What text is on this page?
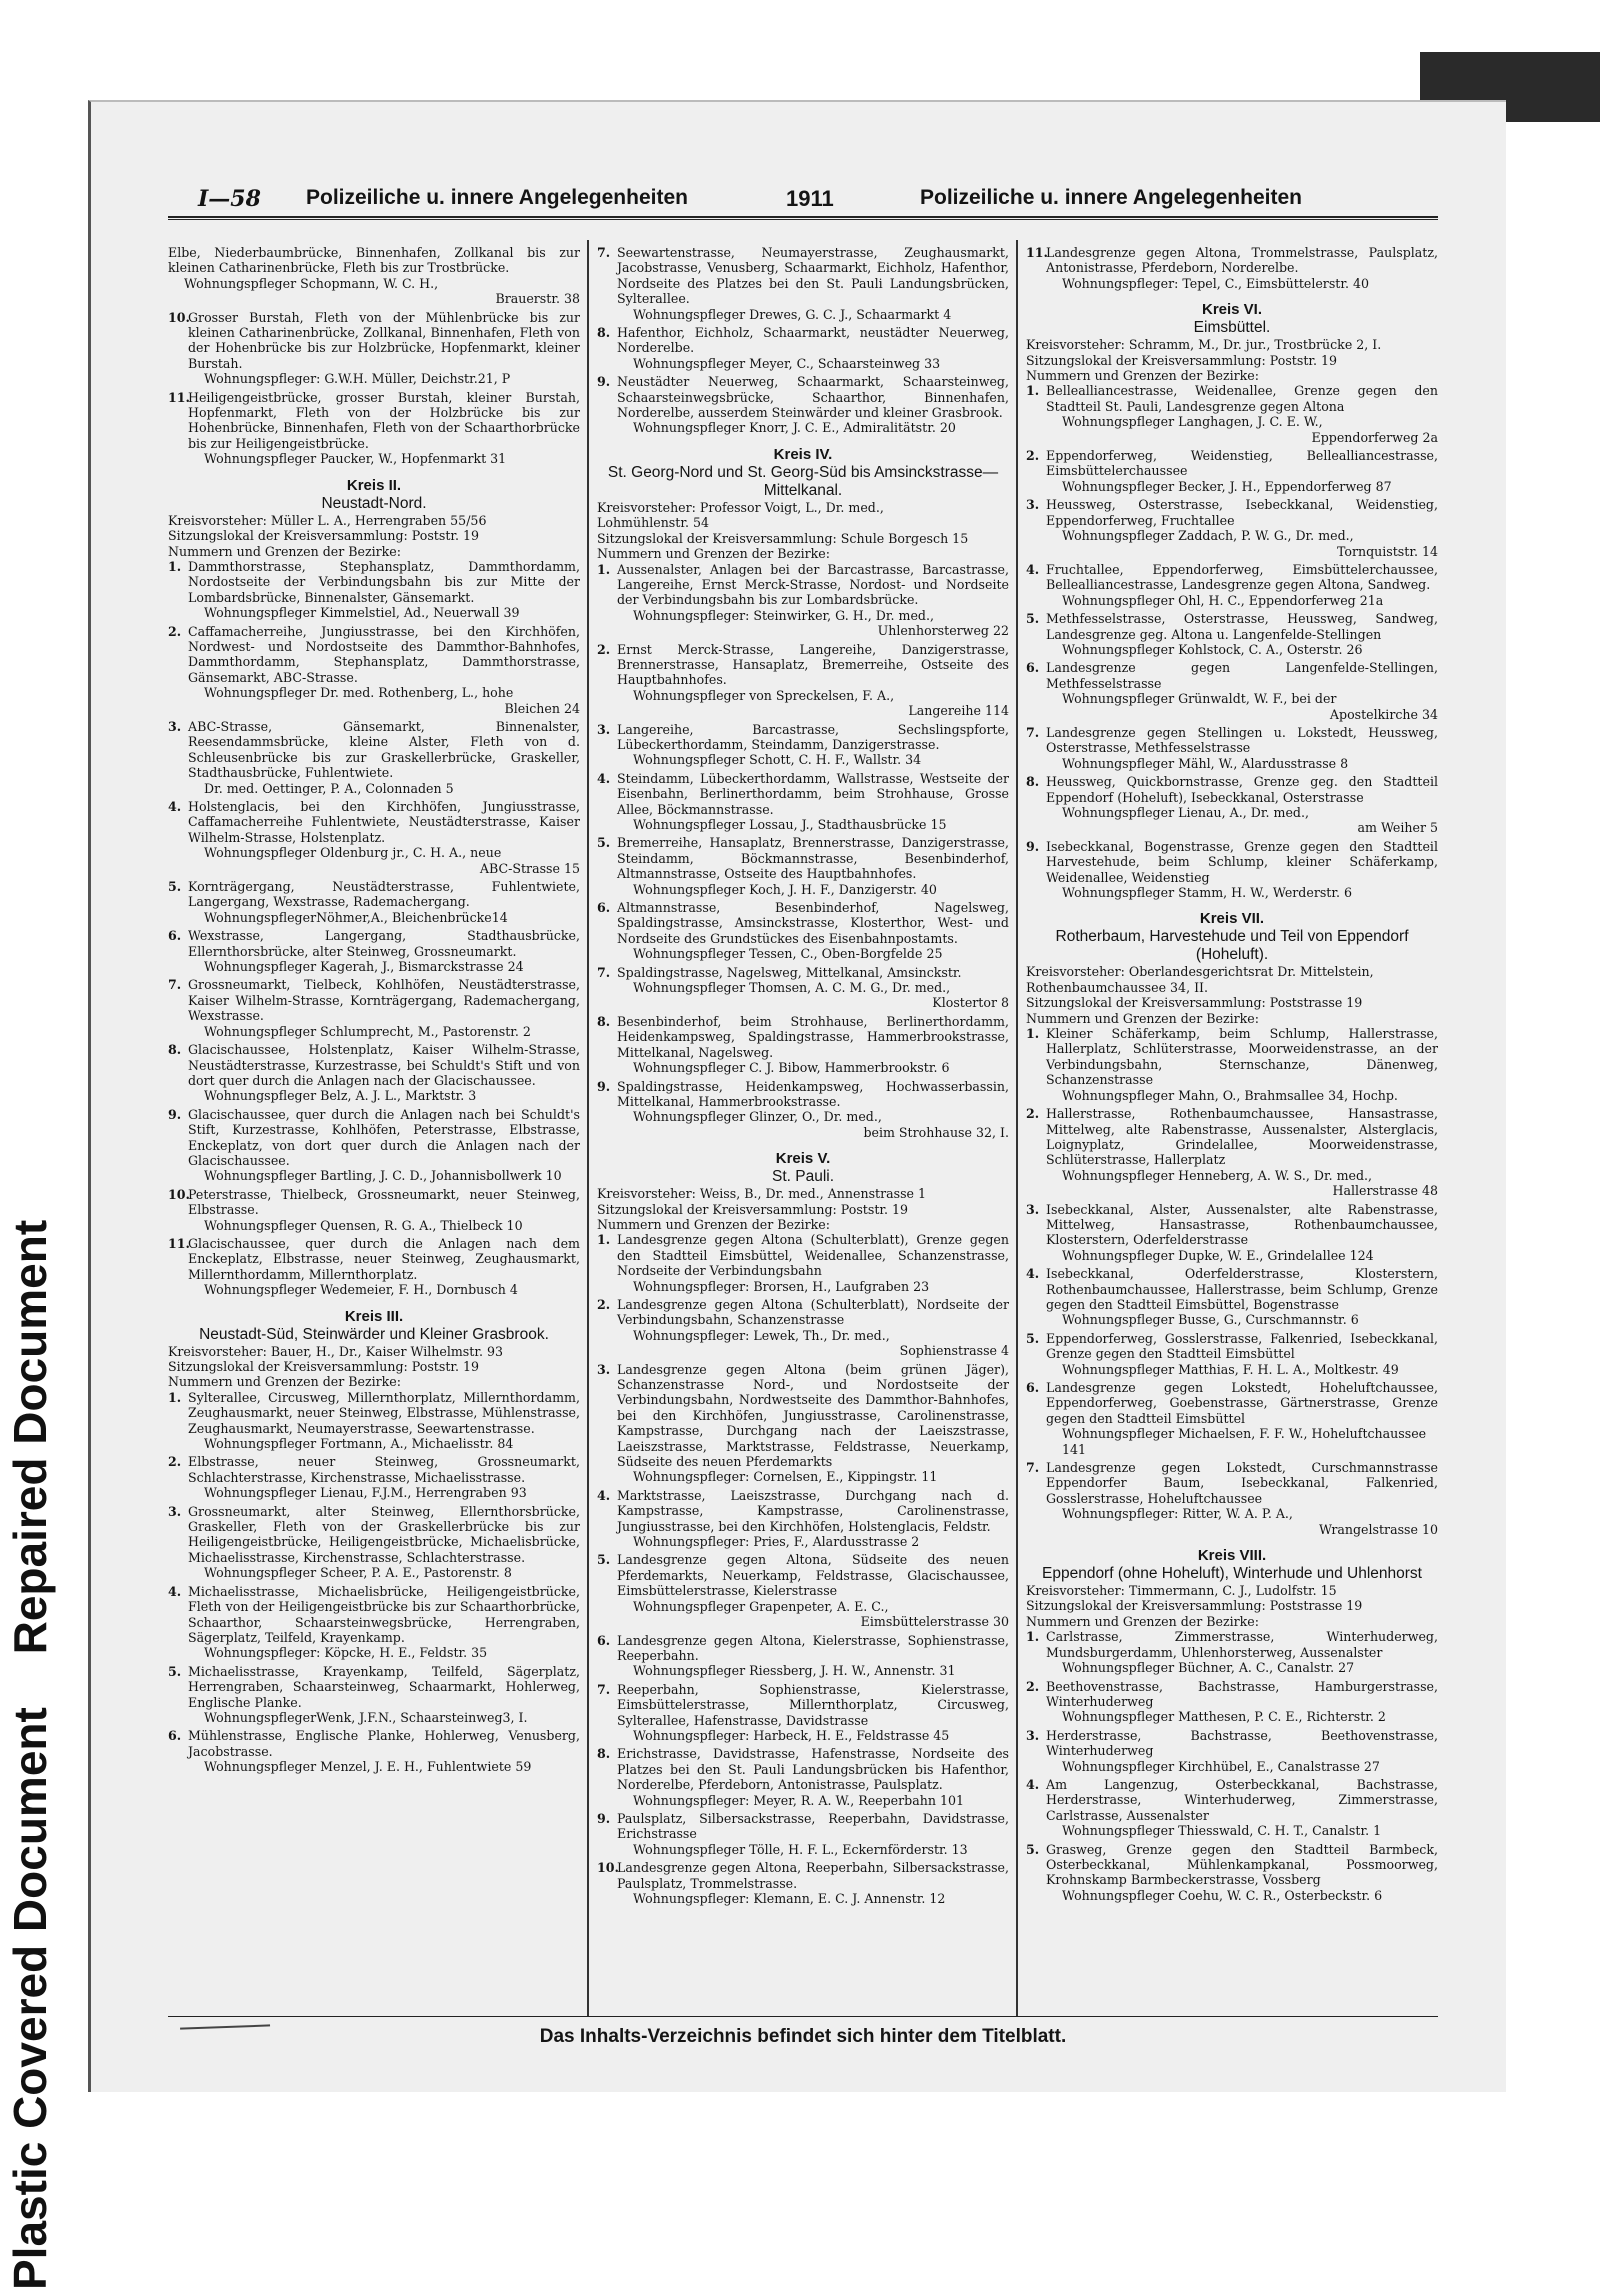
Plastic Covered Document Repaired Document
I—58 Polizeiliche u. innere Angelegenheiten	1911	Polizeiliche u. innere Angelegenheiten
Elbe, Niederbaumbrücke, Binnenhafen, Zollkanal bis zur kleinen Catharinenbrücke, Fleth bis zur Trostbrücke.
Wohnungspfleger Schopmann, W. C. H.,
Brauerstr. 38
10.
Grosser Burstah, Fleth von der Mühlenbrücke bis zur kleinen Catharinenbrücke, Zollkanal, Binnenhafen, Fleth von der Hohenbrücke bis zur Holzbrücke, Hopfenmarkt, kleiner Burstah.
Wohnungspfleger: G.W.H. Müller, Deichstr.21, P
11.
Heiligengeistbrücke, grosser Burstah, kleiner Burstah, Hopfenmarkt, Fleth von der Holzbrücke bis zur Hohenbrücke, Binnenhafen, Fleth von der Schaarthorbrücke bis zur Heiligengeistbrücke.
Wohnungspfleger Paucker, W., Hopfenmarkt 31
Kreis II.
Neustadt-Nord.
Kreisvorsteher: Müller L. A., Herrengraben 55/56
Sitzungslokal der Kreisversammlung: Poststr. 19
Nummern und Grenzen der Bezirke:
1. Dammthorstrasse, Stephansplatz, Dammthordamm, Nordostseite der Verbindungsbahn bis zur Mitte der Lombardsbrücke, Binnenalster, Gänsemarkt.
Wohnungspfleger Kimmelstiel, Ad., Neuerwall 39
2. Caffamacherreihe, Jungiusstrasse, bei den Kirchhöfen, Nordwest- und Nordostseite des Dammthor-Bahnhofes, Dammthordamm, Stephansplatz, Dammthorstrasse, Gänsemarkt, ABC-Strasse.
Wohnungspfleger Dr. med. Rothenberg, L., hohe
Bleichen 24
3. ABC-Strasse, Gänsemarkt, Binnenalster, Reesendammsbrücke, kleine Alster, Fleth von d. Schleusenbrücke bis zur Graskellerbrücke, Graskeller, Stadthausbrücke, Fuhlentwiete.
Dr. med. Oettinger, P. A., Colonnaden 5
4. Holstenglacis, bei den Kirchhöfen, Jungiusstrasse, Caffamacherreihe Fuhlentwiete, Neustädterstrasse, Kaiser Wilhelm-Strasse, Holstenplatz.
Wohnungspfleger Oldenburg jr., C. H. A., neue
ABC-Strasse 15
5. Kornträgergang, Neustädterstrasse, Fuhlentwiete, Langergang, Wexstrasse, Rademachergang.
WohnungspflegerNöhmer,A., Bleichenbrücke14
6. Wexstrasse, Langergang, Stadthausbrücke, Ellernthorsbrücke, alter Steinweg, Grossneumarkt.
Wohnungspfleger Kagerah, J., Bismarckstrasse 24
7. Grossneumarkt, Tielbeck, Kohlhöfen, Neustädterstrasse, Kaiser Wilhelm-Strasse, Kornträgergang, Rademachergang, Wexstrasse.
Wohnungspfleger Schlumprecht, M., Pastorenstr. 2
8. Glacischaussee, Holstenplatz, Kaiser Wilhelm-Strasse, Neustädterstrasse, Kurzestrasse, bei Schuldt's Stift und von dort quer durch die Anlagen nach der Glacischaussee.
Wohnungspfleger Belz, A. J. L., Marktstr. 3
9. Glacischaussee, quer durch die Anlagen nach bei Schuldt's Stift, Kurzestrasse, Kohlhöfen, Peterstrasse, Elbstrasse, Enckeplatz, von dort quer durch die Anlagen nach der Glacischaussee.
Wohnungspfleger Bartling, J. C. D., Johannisbollwerk 10
10.
Peterstrasse, Thielbeck, Grossneumarkt, neuer Steinweg, Elbstrasse.
Wohnungspfleger Quensen, R. G. A., Thielbeck 10
11.
Glacischaussee, quer durch die Anlagen nach dem Enckeplatz, Elbstrasse, neuer Steinweg, Zeughausmarkt, Millernthordamm, Millernthorplatz.
Wohnungspfleger Wedemeier, F. H., Dornbusch 4
Kreis III.
Neustadt-Süd, Steinwärder und Kleiner Grasbrook.
Kreisvorsteher: Bauer, H., Dr., Kaiser Wilhelmstr. 93
Sitzungslokal der Kreisversammlung: Poststr. 19
Nummern und Grenzen der Bezirke:
1. Sylterallee, Circusweg, Millernthorplatz, Millernthordamm, Zeughausmarkt, neuer Steinweg, Elbstrasse, Mühlenstrasse, Zeughausmarkt, Neumayerstrasse, Seewartenstrasse.
Wohnungspfleger Fortmann, A., Michaelisstr. 84
2. Elbstrasse, neuer Steinweg, Grossneumarkt, Schlachterstrasse, Kirchenstrasse, Michaelisstrasse.
Wohnungspfleger Lienau, F.J.M., Herrengraben 93
3. Grossneumarkt, alter Steinweg, Ellernthorsbrücke, Graskeller, Fleth von der Graskellerbrücke bis zur Heiligengeistbrücke, Heiligengeistbrücke, Michaelisbrücke, Michaelisstrasse, Kirchenstrasse, Schlachterstrasse.
Wohnungspfleger Scheer, P. A. E., Pastorenstr. 8
4. Michaelisstrasse, Michaelisbrücke, Heiligengeistbrücke, Fleth von der Heiligengeistbrücke bis zur Schaarthorbrücke, Schaarthor, Schaarsteinwegsbrücke, Herrengraben, Sägerplatz, Teilfeld, Krayenkamp.
Wohnungspfleger: Köpcke, H. E., Feldstr. 35
5. Michaelisstrasse, Krayenkamp, Teilfeld, Sägerplatz, Herrengraben, Schaarsteinweg, Schaarmarkt, Hohlerweg, Englische Planke.
WohnungspflegerWenk, J.F.N., Schaarsteinweg3, I.
6. Mühlenstrasse, Englische Planke, Hohlerweg, Venusberg, Jacobstrasse.
Wohnungspfleger Menzel, J. E. H., Fuhlentwiete 59
7. Seewartenstrasse, Neumayerstrasse, Zeughausmarkt, Jacobstrasse, Venusberg, Schaarmarkt, Eichholz, Hafenthor, Nordseite des Platzes bei den St. Pauli Landungsbrücken, Sylterallee.
Wohnungspfleger Drewes, G. C. J., Schaarmarkt 4
8. Hafenthor, Eichholz, Schaarmarkt, neustädter Neuerweg, Norderelbe.
Wohnungspfleger Meyer, C., Schaarsteinweg 33
9. Neustädter Neuerweg, Schaarmarkt, Schaarsteinweg, Schaarsteinwegsbrücke, Schaarthor, Binnenhafen, Norderelbe, ausserdem Steinwärder und kleiner Grasbrook.
Wohnungspfleger Knorr, J. C. E., Admiralitätstr. 20
Kreis IV.
St. Georg-Nord und St. Georg-Süd bis Amsinckstrasse—Mittelkanal.
Kreisvorsteher: Professor Voigt, L., Dr. med.,
Lohmühlenstr. 54
Sitzungslokal der Kreisversammlung: Schule Borgesch 15
Nummern und Grenzen der Bezirke:
1. Aussenalster, Anlagen bei der Barcastrasse, Barcastrasse, Langereihe, Ernst Merck-Strasse, Nordost- und Nordseite der Verbindungsbahn bis zur Lombardsbrücke.
Wohnungspfleger: Steinwirker, G. H., Dr. med.,
Uhlenhorsterweg 22
2. Ernst Merck-Strasse, Langereihe, Danzigerstrasse, Brennerstrasse, Hansaplatz, Bremerreihe, Ostseite des Hauptbahnhofes.
Wohnungspfleger von Spreckelsen, F. A.,
Langereihe 114
3. Langereihe, Barcastrasse, Sechslingspforte, Lübeckerthordamm, Steindamm, Danzigerstrasse.
Wohnungspfleger Schott, C. H. F., Wallstr. 34
4. Steindamm, Lübeckerthordamm, Wallstrasse, Westseite der Eisenbahn, Berlinerthordamm, beim Strohhause, Grosse Allee, Böckmannstrasse.
Wohnungspfleger Lossau, J., Stadthausbrücke 15
5. Bremerreihe, Hansaplatz, Brennerstrasse, Danzigerstrasse, Steindamm, Böckmannstrasse, Besenbinderhof, Altmannstrasse, Ostseite des Hauptbahnhofes.
Wohnungspfleger Koch, J. H. F., Danzigerstr. 40
6. Altmannstrasse, Besenbinderhof, Nagelsweg, Spaldingstrasse, Amsinckstrasse, Klosterthor, West- und Nordseite des Grundstückes des Eisenbahnpostamts.
Wohnungspfleger Tessen, C., Oben-Borgfelde 25
7. Spaldingstrasse, Nagelsweg, Mittelkanal, Amsinckstr.
Wohnungspfleger Thomsen, A. C. M. G., Dr. med.,
Klostertor 8
8. Besenbinderhof, beim Strohhause, Berlinerthordamm, Heidenkampsweg, Spaldingstrasse, Hammerbrookstrasse, Mittelkanal, Nagelsweg.
Wohnungspfleger C. J. Bibow, Hammerbrookstr. 6
9. Spaldingstrasse, Heidenkampsweg, Hochwasserbassin, Mittelkanal, Hammerbrookstrasse.
Wohnungspfleger Glinzer, O., Dr. med.,
beim Strohhause 32, I.
Kreis V.
St. Pauli.
Kreisvorsteher: Weiss, B., Dr. med., Annenstrasse 1
Sitzungslokal der Kreisversammlung: Poststr. 19
Nummern und Grenzen der Bezirke:
1. Landesgrenze gegen Altona (Schulterblatt), Grenze gegen den Stadtteil Eimsbüttel, Weidenallee, Schanzenstrasse, Nordseite der Verbindungsbahn
Wohnungspfleger: Brorsen, H., Laufgraben 23
2. Landesgrenze gegen Altona (Schulterblatt), Nordseite der Verbindungsbahn, Schanzenstrasse
Wohnungspfleger: Lewek, Th., Dr. med.,
Sophienstrasse 4
3. Landesgrenze gegen Altona (beim grünen Jäger), Schanzenstrasse Nord-, und Nordostseite der Verbindungsbahn, Nordwestseite des Dammthor-Bahnhofes, bei den Kirchhöfen, Jungiusstrasse, Carolinenstrasse, Kampstrasse, Durchgang nach der Laeiszstrasse, Laeiszstrasse, Marktstrasse, Feldstrasse, Neuerkamp, Südseite des neuen Pferdemarkts
Wohnungspfleger: Cornelsen, E., Kippingstr. 11
4. Marktstrasse, Laeiszstrasse, Durchgang nach d. Kampstrasse, Kampstrasse, Carolinenstrasse, Jungiusstrasse, bei den Kirchhöfen, Holstenglacis, Feldstr.
Wohnungspfleger: Pries, F., Alardusstrasse 2
5. Landesgrenze gegen Altona, Südseite des neuen Pferdemarkts, Neuerkamp, Feldstrasse, Glacischaussee, Eimsbüttelerstrasse, Kielerstrasse
Wohnungspfleger Grapenpeter, A. E. C.,
Eimsbüttelerstrasse 30
6. Landesgrenze gegen Altona, Kielerstrasse, Sophienstrasse, Reeperbahn.
Wohnungspfleger Riessberg, J. H. W., Annenstr. 31
7. Reeperbahn, Sophienstrasse, Kielerstrasse, Eimsbüttelerstrasse, Millernthorplatz, Circusweg, Sylterallee, Hafenstrasse, Davidstrasse
Wohnungspfleger: Harbeck, H. E., Feldstrasse 45
8. Erichstrasse, Davidstrasse, Hafenstrasse, Nordseite des Platzes bei den St. Pauli Landungsbrücken bis Hafenthor, Norderelbe, Pferdeborn, Antonistrasse, Paulsplatz.
Wohnungspfleger: Meyer, R. A. W., Reeperbahn 101
9. Paulsplatz, Silbersackstrasse, Reeperbahn, Davidstrasse, Erichstrasse
Wohnungspfleger Tölle, H. F. L., Eckernförderstr. 13
10.
Landesgrenze gegen Altona, Reeperbahn, Silbersackstrasse, Paulsplatz, Trommelstrasse.
Wohnungspfleger: Klemann, E. C. J. Annenstr. 12
11.
Landesgrenze gegen Altona, Trommelstrasse, Paulsplatz, Antonistrasse, Pferdeborn, Norderelbe.
Wohnungspfleger: Tepel, C., Eimsbüttelerstr. 40
Kreis VI.
Eimsbüttel.
Kreisvorsteher: Schramm, M., Dr. jur., Trostbrücke 2, I.
Sitzungslokal der Kreisversammlung: Poststr. 19
Nummern und Grenzen der Bezirke:
1. Bellealliancestrasse, Weidenallee, Grenze gegen den Stadtteil St. Pauli, Landesgrenze gegen Altona
Wohnungspfleger Langhagen, J. C. E. W.,
Eppendorferweg 2a
2. Eppendorferweg, Weidenstieg, Bellealliancestrasse, Eimsbüttelerchaussee
Wohnungspfleger Becker, J. H., Eppendorferweg 87
3. Heussweg, Osterstrasse, Isebeckkanal, Weidenstieg, Eppendorferweg, Fruchtallee
Wohnungspfleger Zaddach, P. W. G., Dr. med.,
Tornquiststr. 14
4. Fruchtallee, Eppendorferweg, Eimsbüttelerchaussee, Bellealliancestrasse, Landesgrenze gegen Altona, Sandweg.
Wohnungspfleger Ohl, H. C., Eppendorferweg 21a
5. Methfesselstrasse, Osterstrasse, Heussweg, Sandweg, Landesgrenze geg. Altona u. Langenfelde-Stellingen
Wohnungspfleger Kohlstock, C. A., Osterstr. 26
6. Landesgrenze gegen Langenfelde-Stellingen, Methfesselstrasse
Wohnungspfleger Grünwaldt, W. F., bei der
Apostelkirche 34
7. Landesgrenze gegen Stellingen u. Lokstedt, Heussweg, Osterstrasse, Methfesselstrasse
Wohnungspfleger Mähl, W., Alardusstrasse 8
8. Heussweg, Quickbornstrasse, Grenze geg. den Stadtteil Eppendorf (Hoheluft), Isebeckkanal, Osterstrasse
Wohnungspfleger Lienau, A., Dr. med.,
am Weiher 5
9. Isebeckkanal, Bogenstrasse, Grenze gegen den Stadtteil Harvestehude, beim Schlump, kleiner Schäferkamp, Weidenallee, Weidenstieg
Wohnungspfleger Stamm, H. W., Werderstr. 6
Kreis VII.
Rotherbaum, Harvestehude und Teil von Eppendorf (Hoheluft).
Kreisvorsteher: Oberlandesgerichtsrat Dr. Mittelstein,
Rothenbaumchaussee 34, II.
Sitzungslokal der Kreisversammlung: Poststrasse 19
Nummern und Grenzen der Bezirke:
1. Kleiner Schäferkamp, beim Schlump, Hallerstrasse, Hallerplatz, Schlüterstrasse, Moorweidenstrasse, an der Verbindungsbahn, Sternschanze, Dänenweg, Schanzenstrasse
Wohnungspfleger Mahn, O., Brahmsallee 34, Hochp.
2. Hallerstrasse, Rothenbaumchaussee, Hansastrasse, Mittelweg, alte Rabenstrasse, Aussenalster, Alsterglacis, Loignyplatz, Grindelallee, Moorweidenstrasse, Schlüterstrasse, Hallerplatz
Wohnungspfleger Henneberg, A. W. S., Dr. med.,
Hallerstrasse 48
3. Isebeckkanal, Alster, Aussenalster, alte Rabenstrasse, Mittelweg, Hansastrasse, Rothenbaumchaussee, Klosterstern, Oderfelderstrasse
Wohnungspfleger Dupke, W. E., Grindelallee 124
4. Isebeckkanal, Oderfelderstrasse, Klosterstern, Rothenbaumchaussee, Hallerstrasse, beim Schlump, Grenze gegen den Stadtteil Eimsbüttel, Bogenstrasse
Wohnungspfleger Busse, G., Curschmannstr. 6
5. Eppendorferweg, Gosslerstrasse, Falkenried, Isebeckkanal, Grenze gegen den Stadtteil Eimsbüttel
Wohnungspfleger Matthias, F. H. L. A., Moltkestr. 49
6. Landesgrenze gegen Lokstedt, Hoheluftchaussee, Eppendorferweg, Goebenstrasse, Gärtnerstrasse, Grenze gegen den Stadtteil Eimsbüttel
Wohnungspfleger Michaelsen, F. F. W., Hoheluftchaussee 141
7. Landesgrenze gegen Lokstedt, Curschmannstrasse Eppendorfer Baum, Isebeckkanal, Falkenried, Gosslerstrasse, Hoheluftchaussee
Wohnungspfleger: Ritter, W. A. P. A.,
Wrangelstrasse 10
Kreis VIII.
Eppendorf (ohne Hoheluft), Winterhude und Uhlenhorst
Kreisvorsteher: Timmermann, C. J., Ludolfstr. 15
Sitzungslokal der Kreisversammlung: Poststrasse 19
Nummern und Grenzen der Bezirke:
1. Carlstrasse, Zimmerstrasse, Winterhuderweg, Mundsburgerdamm, Uhlenhorsterweg, Aussenalster
Wohnungspfleger Büchner, A. C., Canalstr. 27
2. Beethovenstrasse, Bachstrasse, Hamburgerstrasse, Winterhuderweg
Wohnungspfleger Matthesen, P. C. E., Richterstr. 2
3. Herderstrasse, Bachstrasse, Beethovenstrasse, Winterhuderweg
Wohnungspfleger Kirchhübel, E., Canalstrasse 27
4. Am Langenzug, Osterbeckkanal, Bachstrasse, Herderstrasse, Winterhuderweg, Zimmerstrasse, Carlstrasse, Aussenalster
Wohnungspfleger Thiesswald, C. H. T., Canalstr. 1
5. Grasweg, Grenze gegen den Stadtteil Barmbeck, Osterbeckkanal, Mühlenkampkanal, Possmoorweg, Krohnskamp Barmbeckerstrasse, Vossberg
Wohnungspfleger Coehu, W. C. R., Osterbeckstr. 6
Das Inhalts-Verzeichnis befindet sich hinter dem Titelblatt.
